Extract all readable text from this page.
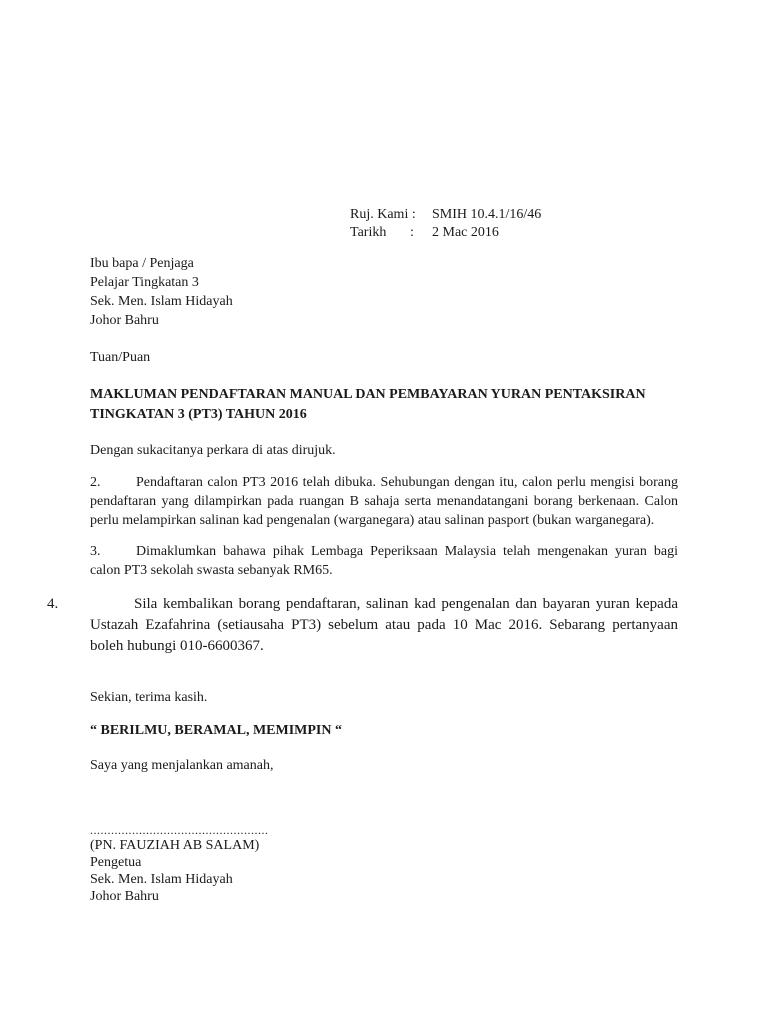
Ruj. Kami :	SMIH 10.4.1/16/46
Tarikh	:	2 Mac 2016
Ibu bapa / Penjaga
Pelajar Tingkatan 3
Sek. Men. Islam Hidayah
Johor Bahru
Tuan/Puan
MAKLUMAN PENDAFTARAN MANUAL DAN PEMBAYARAN YURAN PENTAKSIRAN
TINGKATAN 3 (PT3) TAHUN 2016
Dengan sukacitanya perkara di atas dirujuk.
2.	Pendaftaran calon PT3 2016 telah dibuka. Sehubungan dengan itu, calon perlu mengisi borang pendaftaran yang dilampirkan pada ruangan B sahaja serta menandatangani borang berkenaan. Calon perlu melampirkan salinan kad pengenalan (warganegara) atau salinan pasport (bukan warganegara).
3.	Dimaklumkan bahawa pihak Lembaga Peperiksaan Malaysia telah mengenakan yuran bagi calon PT3 sekolah swasta sebanyak RM65.
4.	Sila kembalikan borang pendaftaran, salinan kad pengenalan dan bayaran yuran kepada Ustazah Ezafahrina (setiausaha PT3) sebelum atau pada 10 Mac 2016. Sebarang pertanyaan boleh hubungi 010-6600367.
Sekian, terima kasih.
“ BERILMU, BERAMAL, MEMIMPIN “
Saya yang menjalankan amanah,
...................................................
(PN. FAUZIAH AB SALAM)
Pengetua
Sek. Men. Islam Hidayah
Johor Bahru
